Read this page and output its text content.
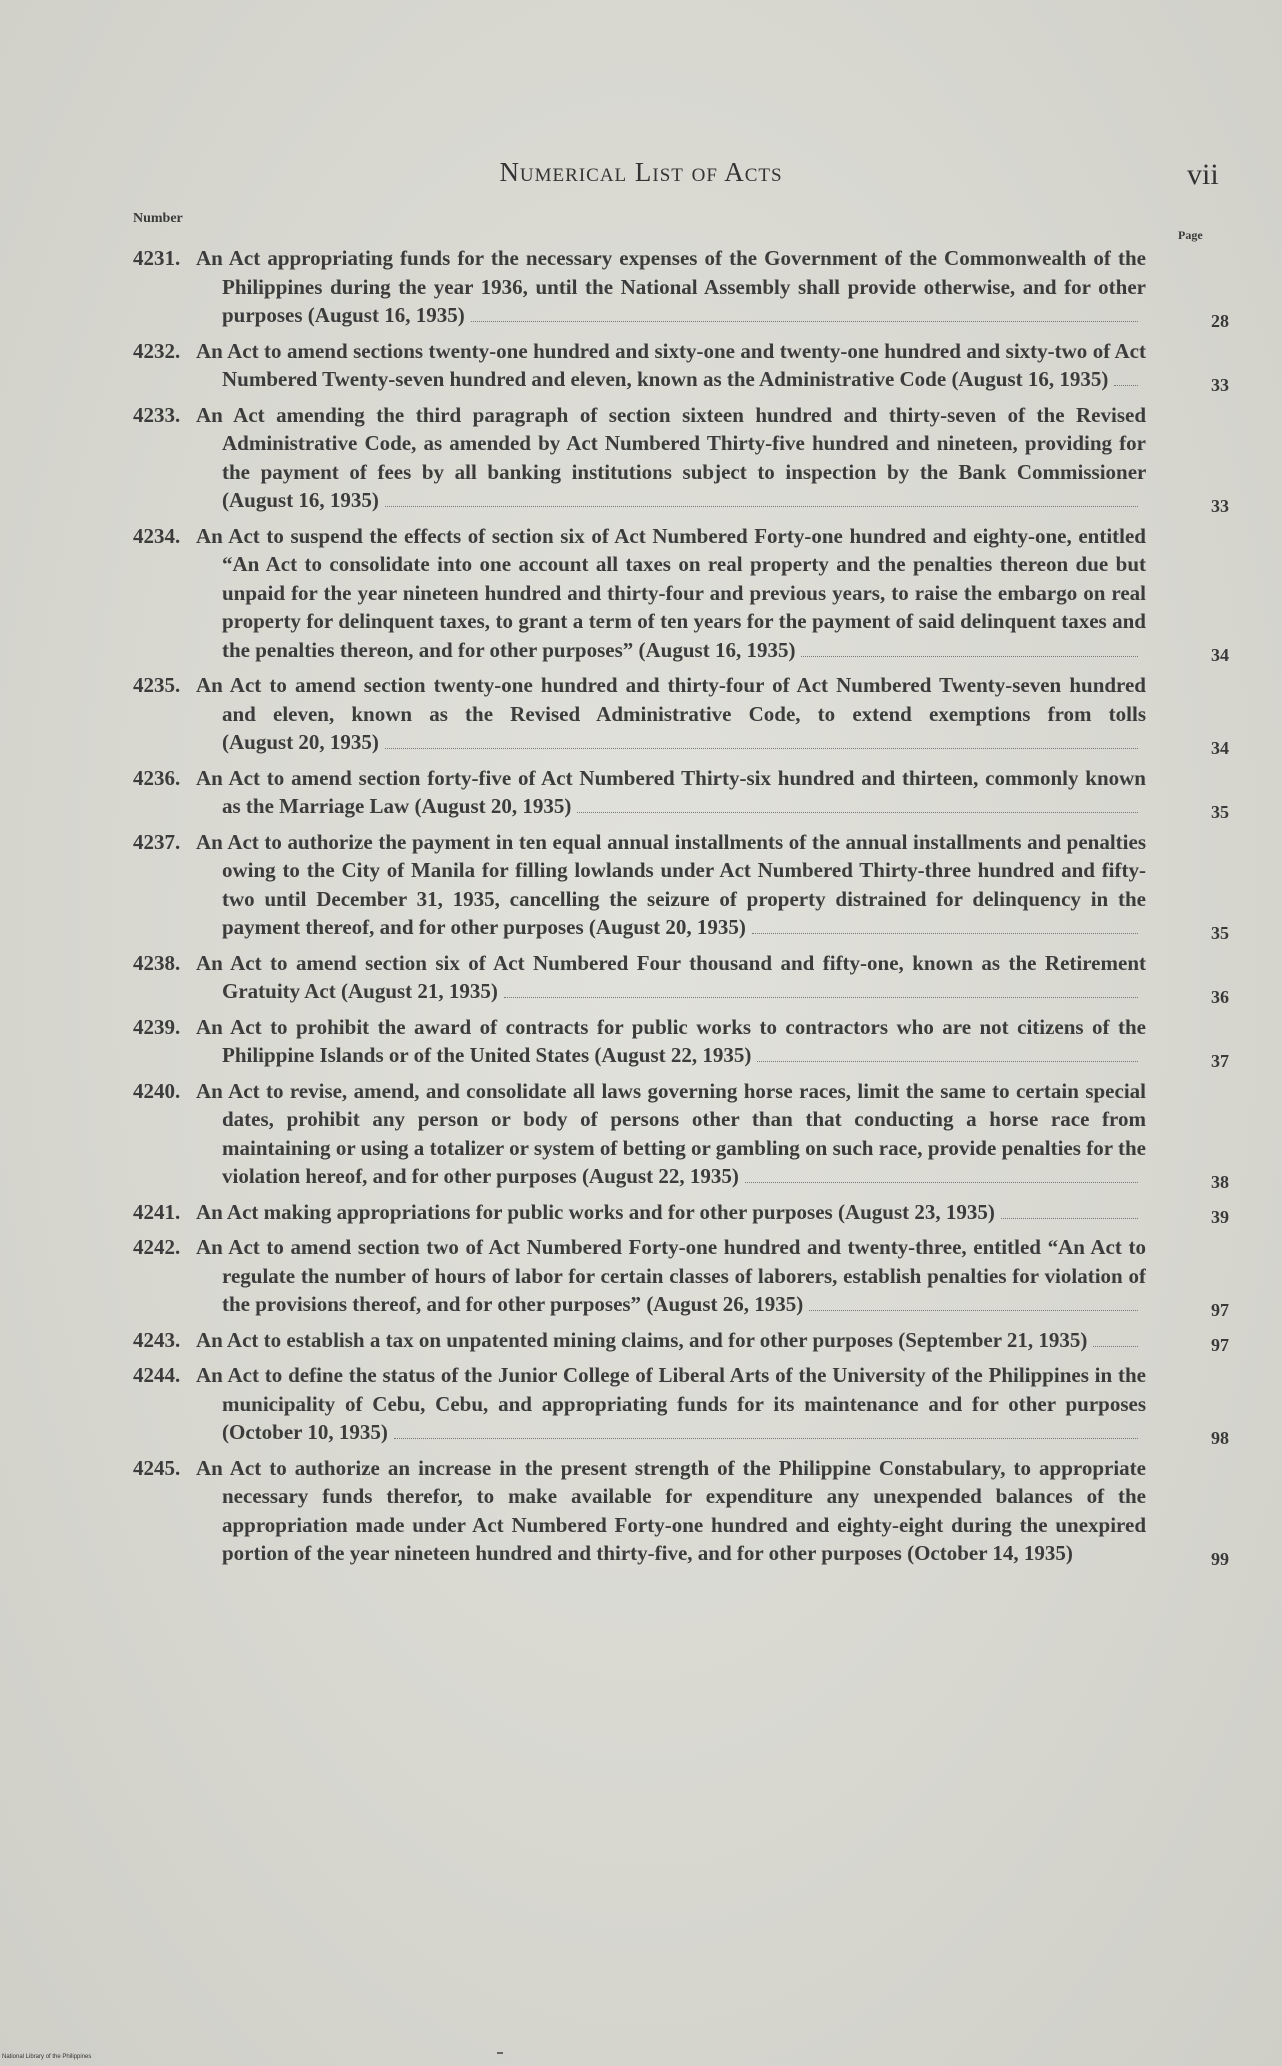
Numerical List of Acts	vii
Number
Page
4231. An Act appropriating funds for the necessary expenses of the Government of the Commonwealth of the Philippines during the year 1936, until the National Assembly shall provide otherwise, and for other purposes (August 16, 1935)	28
4232. An Act to amend sections twenty-one hundred and sixty-one and twenty-one hundred and sixty-two of Act Numbered Twenty-seven hundred and eleven, known as the Administrative Code (August 16, 1935)	33
4233. An Act amending the third paragraph of section sixteen hundred and thirty-seven of the Revised Administrative Code, as amended by Act Numbered Thirty-five hundred and nineteen, providing for the payment of fees by all banking institutions subject to inspection by the Bank Commissioner (August 16, 1935)	33
4234. An Act to suspend the effects of section six of Act Numbered Forty-one hundred and eighty-one, entitled “An Act to consolidate into one account all taxes on real property and the penalties thereon due but unpaid for the year nineteen hundred and thirty-four and previous years, to raise the embargo on real property for delinquent taxes, to grant a term of ten years for the payment of said delinquent taxes and the penalties thereon, and for other purposes” (August 16, 1935)	34
4235. An Act to amend section twenty-one hundred and thirty-four of Act Numbered Twenty-seven hundred and eleven, known as the Revised Administrative Code, to extend exemptions from tolls (August 20, 1935)	34
4236. An Act to amend section forty-five of Act Numbered Thirty-six hundred and thirteen, commonly known as the Marriage Law (August 20, 1935)	35
4237. An Act to authorize the payment in ten equal annual installments of the annual installments and penalties owing to the City of Manila for filling lowlands under Act Numbered Thirty-three hundred and fifty-two until December 31, 1935, cancelling the seizure of property distrained for delinquency in the payment thereof, and for other purposes (August 20, 1935)	35
4238. An Act to amend section six of Act Numbered Four thousand and fifty-one, known as the Retirement Gratuity Act (August 21, 1935)	36
4239. An Act to prohibit the award of contracts for public works to contractors who are not citizens of the Philippine Islands or of the United States (August 22, 1935)	37
4240. An Act to revise, amend, and consolidate all laws governing horse races, limit the same to certain special dates, prohibit any person or body of persons other than that conducting a horse race from maintaining or using a totalizer or system of betting or gambling on such race, provide penalties for the violation hereof, and for other purposes (August 22, 1935)	38
4241. An Act making appropriations for public works and for other purposes (August 23, 1935)	39
4242. An Act to amend section two of Act Numbered Forty-one hundred and twenty-three, entitled “An Act to regulate the number of hours of labor for certain classes of laborers, establish penalties for violation of the provisions thereof, and for other purposes” (August 26, 1935)	97
4243. An Act to establish a tax on unpatented mining claims, and for other purposes (September 21, 1935)	97
4244. An Act to define the status of the Junior College of Liberal Arts of the University of the Philippines in the municipality of Cebu, Cebu, and appropriating funds for its maintenance and for other purposes (October 10, 1935)	98
4245. An Act to authorize an increase in the present strength of the Philippine Constabulary, to appropriate necessary funds therefor, to make available for expenditure any unexpended balances of the appropriation made under Act Numbered Forty-one hundred and eighty-eight during the unexpired portion of the year nineteen hundred and thirty-five, and for other purposes (October 14, 1935)	99
National Library of the Philippines
